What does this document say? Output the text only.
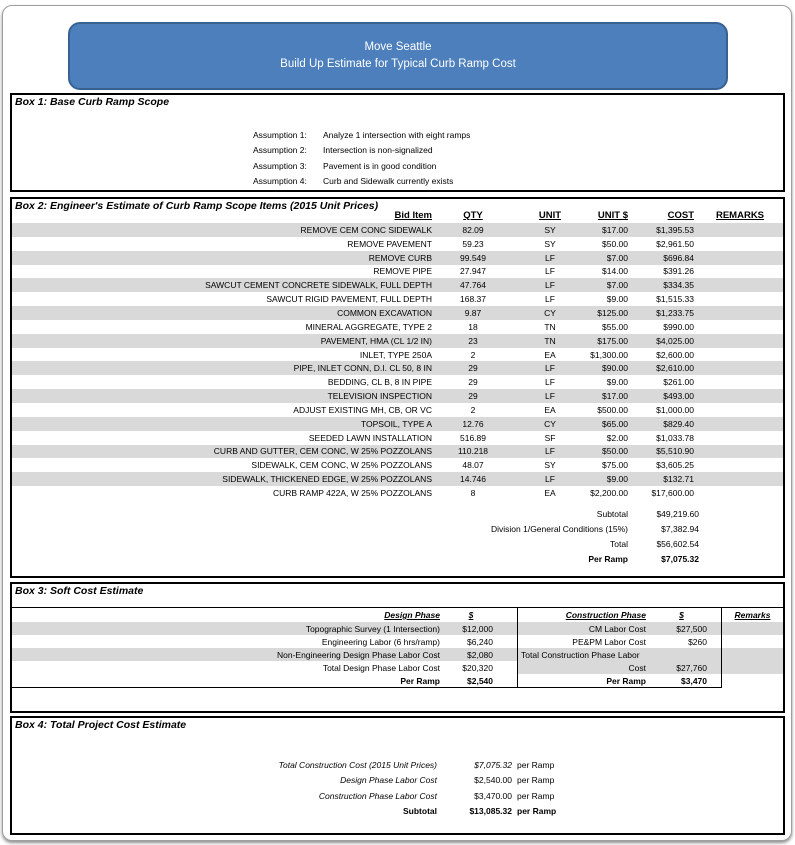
Move Seattle
Build Up Estimate for Typical Curb Ramp Cost
Box 1: Base Curb Ramp Scope
Assumption 1:	Analyze 1 intersection with eight ramps
Assumption 2:	Intersection is non-signalized
Assumption 3:	Pavement is in good condition
Assumption 4:	Curb and Sidewalk currently exists
Box 2: Engineer's Estimate of Curb Ramp Scope Items (2015 Unit Prices)
Bid Item	QTY	UNIT	UNIT $	COST	REMARKS
REMOVE CEM CONC SIDEWALK	82.09	SY	$17.00	$1,395.53
REMOVE PAVEMENT	59.23	SY	$50.00	$2,961.50
REMOVE CURB	99.549	LF	$7.00	$696.84
REMOVE PIPE	27.947	LF	$14.00	$391.26
SAWCUT CEMENT CONCRETE SIDEWALK, FULL DEPTH	47.764	LF	$7.00	$334.35
SAWCUT RIGID PAVEMENT, FULL DEPTH	168.37	LF	$9.00	$1,515.33
COMMON EXCAVATION	9.87	CY	$125.00	$1,233.75
MINERAL AGGREGATE, TYPE 2	18	TN	$55.00	$990.00
PAVEMENT, HMA (CL 1/2 IN)	23	TN	$175.00	$4,025.00
INLET, TYPE 250A	2	EA	$1,300.00	$2,600.00
PIPE, INLET CONN, D.I. CL 50, 8 IN	29	LF	$90.00	$2,610.00
BEDDING, CL B, 8 IN PIPE	29	LF	$9.00	$261.00
TELEVISION INSPECTION	29	LF	$17.00	$493.00
ADJUST EXISTING MH, CB, OR VC	2	EA	$500.00	$1,000.00
TOPSOIL, TYPE A	12.76	CY	$65.00	$829.40
SEEDED LAWN INSTALLATION	516.89	SF	$2.00	$1,033.78
CURB AND GUTTER, CEM CONC, W 25% POZZOLANS	110.218	LF	$50.00	$5,510.90
SIDEWALK, CEM CONC, W 25% POZZOLANS	48.07	SY	$75.00	$3,605.25
SIDEWALK, THICKENED EDGE, W 25% POZZOLANS	14.746	LF	$9.00	$132.71
CURB RAMP 422A, W 25% POZZOLANS	8	EA	$2,200.00	$17,600.00
Subtotal	$49,219.60
Division 1/General Conditions (15%)	$7,382.94
Total	$56,602.54
Per Ramp	$7,075.32
Box 3: Soft Cost Estimate
Design Phase	$	Construction Phase	$	Remarks
Topographic Survey (1 Intersection)	$12,000	CM Labor Cost	$27,500
Engineering Labor (6 hrs/ramp)	$6,240	PE&PM Labor Cost	$260
Non-Engineering Design Phase Labor Cost	$2,080	Total Construction Phase Labor
Total Design Phase Labor Cost	$20,320	Cost	$27,760
Per Ramp	$2,540	Per Ramp	$3,470
Box 4: Total Project Cost Estimate
Total Construction Cost (2015 Unit Prices)	$7,075.32 per Ramp
Design Phase Labor Cost	$2,540.00 per Ramp
Construction Phase Labor Cost	$3,470.00 per Ramp
Subtotal	$13,085.32 per Ramp
